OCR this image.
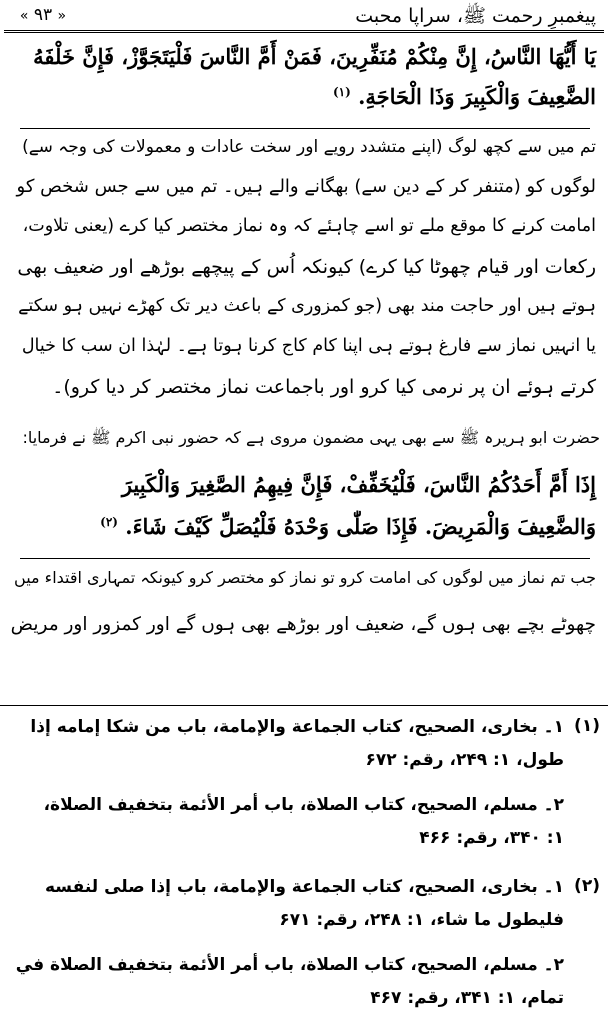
پیغمبرِ رحمت ﷺ، سراپا محبت
« ۹۳ »
یَا أَیُّهَا النَّاسُ، إِنَّ مِنْکُمْ مُنَفِّرِینَ، فَمَنْ أَمَّ النَّاسَ فَلْیَتَجَوَّزْ، فَإِنَّ خَلْفَهُ
الضَّعِیفَ وَالْکَبِیرَ وَذَا الْحَاجَةِ. $^{(۱)}$
تم میں سے کچھ لوگ (اپنے متشدد رویے اور سخت عادات و معمولات کی وجہ سے)
لوگوں کو (متنفر کر کے دین سے) بھگانے والے ہیں۔ تم میں سے جس شخص کو
امامت کرنے کا موقع ملے تو اسے چاہئے کہ وہ نماز مختصر کیا کرے (یعنی تلاوت،
رکعات اور قیام چھوٹا کیا کرے) کیونکہ اُس کے پیچھے بوڑھے اور ضعیف بھی
ہوتے ہیں اور حاجت مند بھی (جو کمزوری کے باعث دیر تک کھڑے نہیں ہو سکتے
یا انہیں نماز سے فارغ ہوتے ہی اپنا کام کاج کرنا ہوتا ہے۔ لہٰذا ان سب کا خیال
کرتے ہوئے ان پر نرمی کیا کرو اور باجماعت نماز مختصر کر دیا کرو)۔
حضرت ابو ہریرہ ﷺ سے بھی یہی مضمون مروی ہے کہ حضور نبی اکرم ﷺ نے فرمایا:
إِذَا أَمَّ أَحَدُکُمُ النَّاسَ، فَلْیُخَفِّفْ، فَإِنَّ فِیهِمُ الصَّغِیرَ وَالْکَبِیرَ
وَالضَّعِیفَ وَالْمَرِیضَ. فَإِذَا صَلّٰی وَحْدَهُ فَلْیُصَلِّ کَیْفَ شَاءَ. $^{(۲)}$
جب تم نماز میں لوگوں کی امامت کرو تو نماز کو مختصر کرو کیونکہ تمہاری اقتداء میں
چھوٹے بچے بھی ہوں گے، ضعیف اور بوڑھے بھی ہوں گے اور کمزور اور مریض
(۱)
۱۔ بخاری، الصحیح، کتاب الجماعة والإمامة، باب من شكا إمامه إذا
طول، ۱: ۲۴۹، رقم: ۶۷۲
۲۔ مسلم، الصحیح، کتاب الصلاة، باب أمر الأئمة بتخفیف الصلاة،
۱: ۳۴۰، رقم: ۴۶۶
(۲)
۱۔ بخاری، الصحیح، کتاب الجماعة والإمامة، باب إذا صلى لنفسه
فلیطول ما شاء، ۱: ۲۴۸، رقم: ۶۷۱
۲۔ مسلم، الصحیح، کتاب الصلاة، باب أمر الأئمة بتخفیف الصلاة في
تمام، ۱: ۳۴۱، رقم: ۴۶۷
